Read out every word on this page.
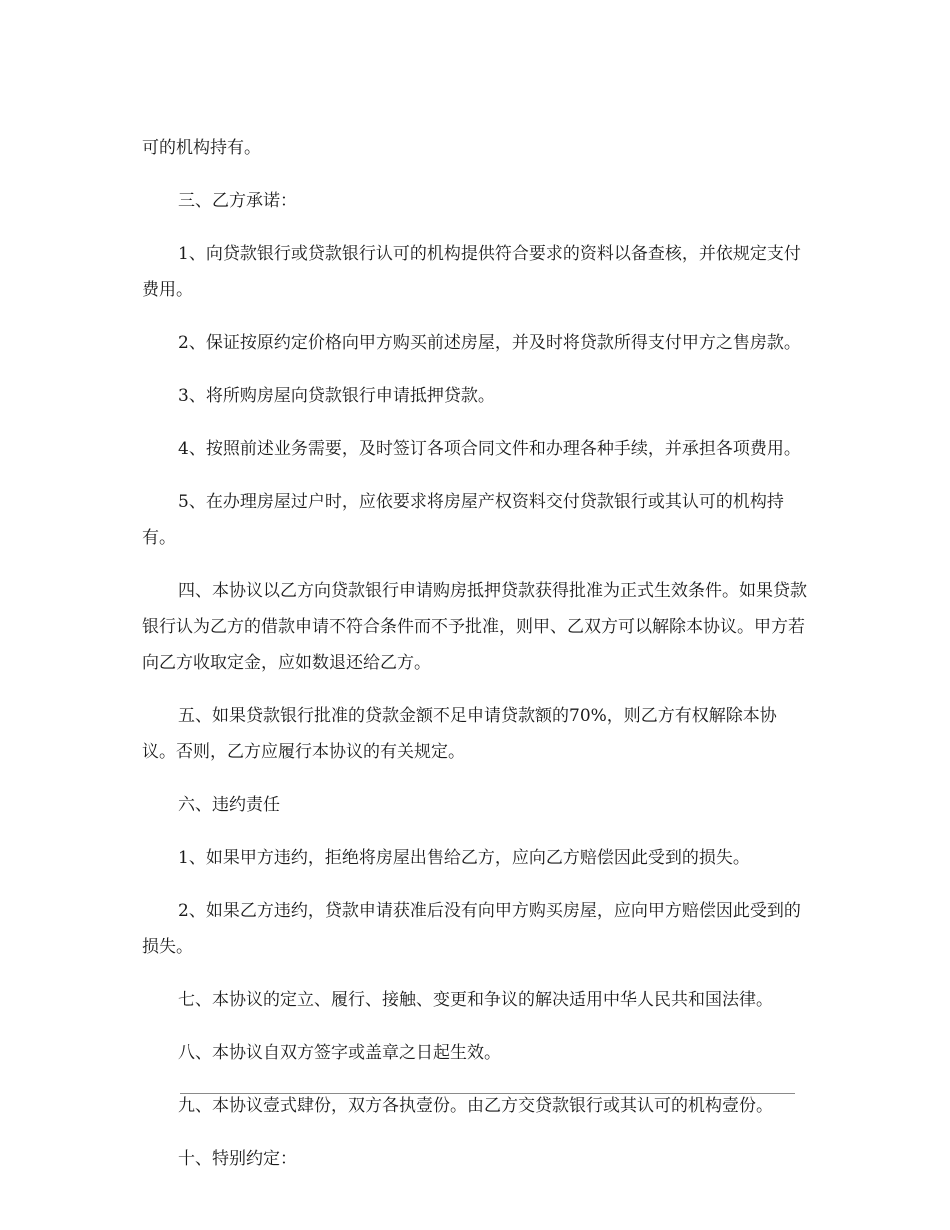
可的机构持有。

三、乙方承诺：

1、向贷款银行或贷款银行认可的机构提供符合要求的资料以备查核，并依规定支付费用。

2、保证按原约定价格向甲方购买前述房屋，并及时将贷款所得支付甲方之售房款。

3、将所购房屋向贷款银行申请抵押贷款。

4、按照前述业务需要，及时签订各项合同文件和办理各种手续，并承担各项费用。

5、在办理房屋过户时，应依要求将房屋产权资料交付贷款银行或其认可的机构持有。

四、本协议以乙方向贷款银行申请购房抵押贷款获得批准为正式生效条件。如果贷款银行认为乙方的借款申请不符合条件而不予批准，则甲、乙双方可以解除本协议。甲方若向乙方收取定金，应如数退还给乙方。

五、如果贷款银行批准的贷款金额不足申请贷款额的70%，则乙方有权解除本协议。否则，乙方应履行本协议的有关规定。

六、违约责任

1、如果甲方违约，拒绝将房屋出售给乙方，应向乙方赔偿因此受到的损失。

2、如果乙方违约，贷款申请获准后没有向甲方购买房屋，应向甲方赔偿因此受到的损失。

七、本协议的定立、履行、接触、变更和争议的解决适用中华人民共和国法律。

八、本协议自双方签字或盖章之日起生效。

九、本协议壹式肆份，双方各执壹份。由乙方交贷款银行或其认可的机构壹份。

十、特别约定：
